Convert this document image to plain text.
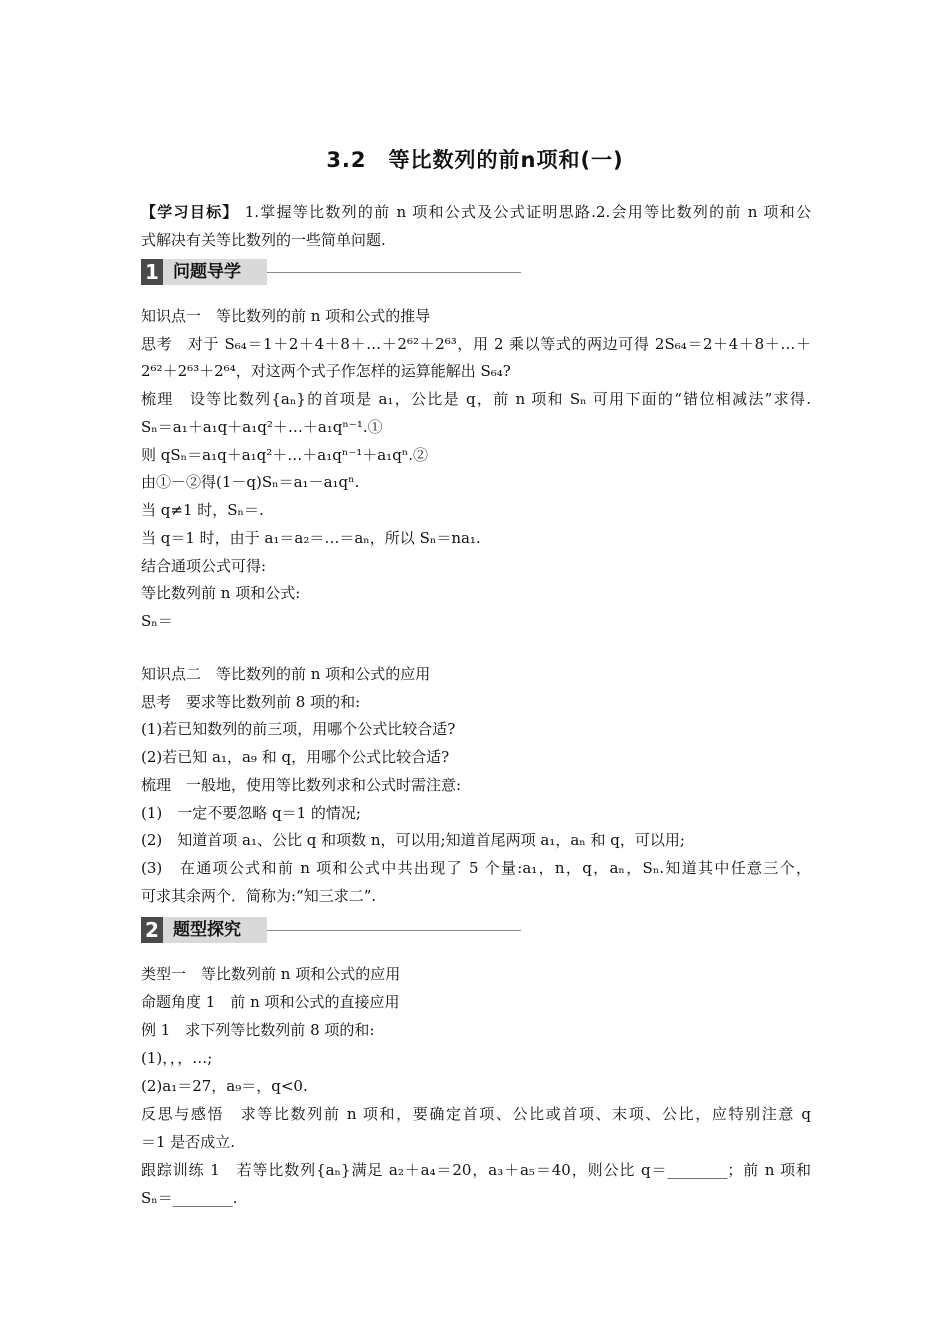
3.2　等比数列的前n项和(一)
【学习目标】 1.掌握等比数列的前 n 项和公式及公式证明思路.2.会用等比数列的前 n 项和公
式解决有关等比数列的一些简单问题.
1 问题导学
知识点一　等比数列的前 n 项和公式的推导
思考　对于 S₆₄＝1＋2＋4＋8＋…＋2⁶²＋2⁶³，用 2 乘以等式的两边可得 2S₆₄＝2＋4＋8＋…＋
2⁶²＋2⁶³＋2⁶⁴，对这两个式子作怎样的运算能解出 S₆₄?
梳理　设等比数列{aₙ}的首项是 a₁，公比是 q，前 n 项和 Sₙ 可用下面的“错位相减法”求得.
Sₙ＝a₁＋a₁q＋a₁q²＋…＋a₁qⁿ⁻¹.①
则 qSₙ＝a₁q＋a₁q²＋…＋a₁qⁿ⁻¹＋a₁qⁿ.②
由①－②得(1－q)Sₙ＝a₁－a₁qⁿ.
当 q≠1 时，Sₙ＝.
当 q＝1 时，由于 a₁＝a₂＝…＝aₙ，所以 Sₙ＝na₁.
结合通项公式可得:
等比数列前 n 项和公式:
Sₙ＝
知识点二　等比数列的前 n 项和公式的应用
思考　要求等比数列前 8 项的和:
(1)若已知数列的前三项，用哪个公式比较合适?
(2)若已知 a₁，a₉ 和 q，用哪个公式比较合适?
梳理　一般地，使用等比数列求和公式时需注意:
(1)　一定不要忽略 q＝1 的情况;
(2)　知道首项 a₁、公比 q 和项数 n，可以用;知道首尾两项 a₁，aₙ 和 q，可以用;
(3)　在通项公式和前 n 项和公式中共出现了 5 个量:a₁，n，q，aₙ，Sₙ.知道其中任意三个，
可求其余两个．简称为:“知三求二”.
2 题型探究
类型一　等比数列前 n 项和公式的应用
命题角度 1　前 n 项和公式的直接应用
例 1　求下列等比数列前 8 项的和:
(1)，，，…;
(2)a₁＝27，a₉＝，q<0.
反思与感悟　求等比数列前 n 项和，要确定首项、公比或首项、末项、公比，应特别注意 q
＝1 是否成立.
跟踪训练 1　若等比数列{aₙ}满足 a₂＋a₄＝20，a₃＋a₅＝40，则公比 q＝________；前 n 项和
Sₙ＝________.
